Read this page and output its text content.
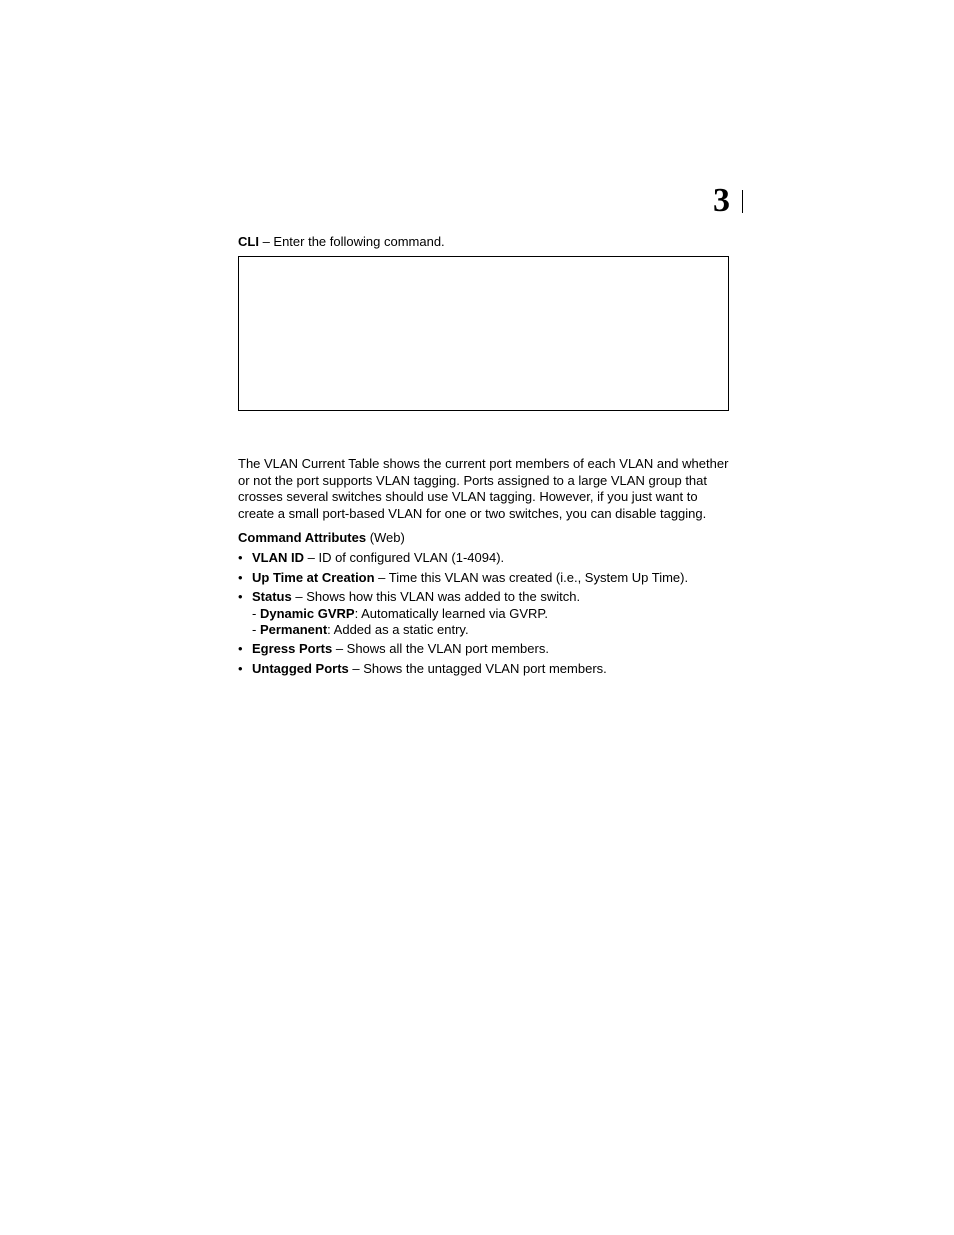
3

CLI – Enter the following command.

The VLAN Current Table shows the current port members of each VLAN and whether or not the port supports VLAN tagging. Ports assigned to a large VLAN group that crosses several switches should use VLAN tagging. However, if you just want to create a small port-based VLAN for one or two switches, you can disable tagging.

Command Attributes (Web)

• VLAN ID – ID of configured VLAN (1-4094).
• Up Time at Creation – Time this VLAN was created (i.e., System Up Time).
• Status – Shows how this VLAN was added to the switch.
- Dynamic GVRP: Automatically learned via GVRP.
- Permanent: Added as a static entry.
• Egress Ports – Shows all the VLAN port members.
• Untagged Ports – Shows the untagged VLAN port members.
